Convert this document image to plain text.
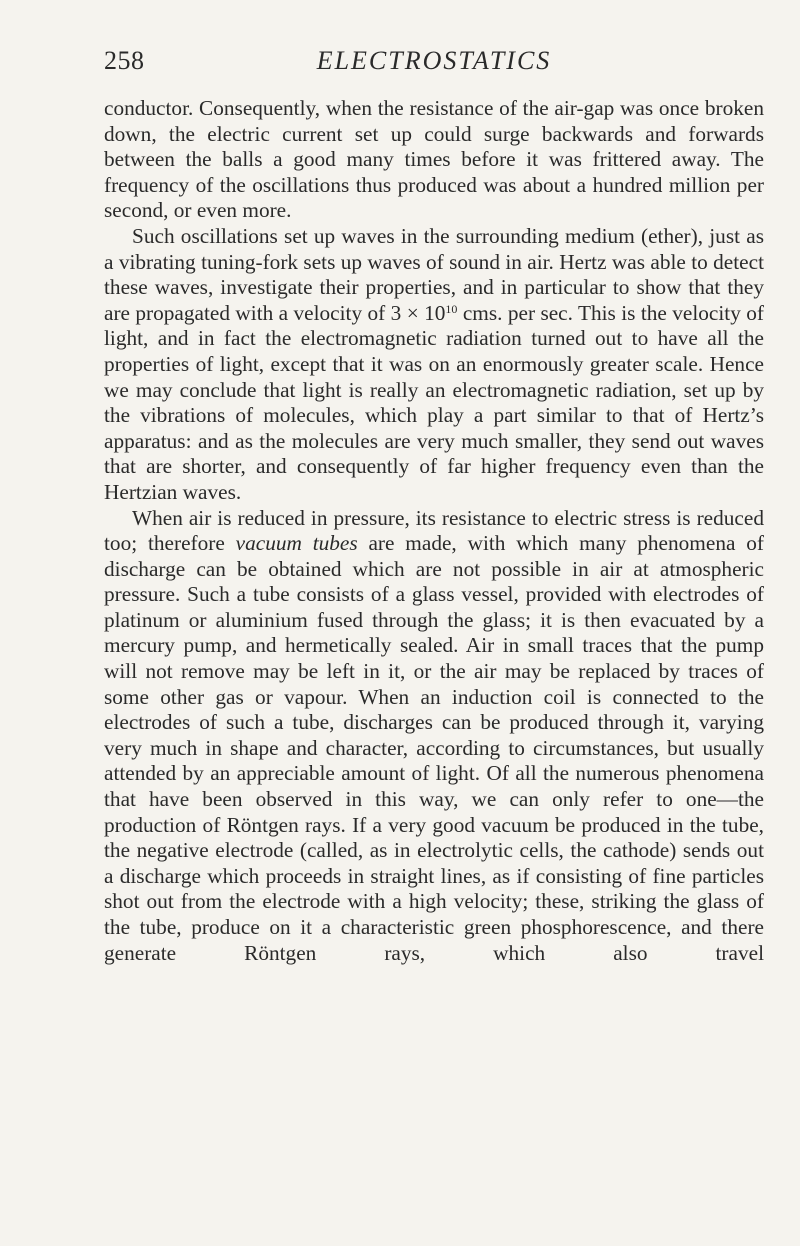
258	ELECTROSTATICS

conductor. Consequently, when the resistance of the air-gap was once broken down, the electric current set up could surge backwards and forwards between the balls a good many times before it was frittered away. The frequency of the oscillations thus produced was about a hundred million per second, or even more.

Such oscillations set up waves in the surrounding medium (ether), just as a vibrating tuning-fork sets up waves of sound in air. Hertz was able to detect these waves, investigate their properties, and in particular to show that they are propagated with a velocity of $3 \times 10^{10}$ cms. per sec. This is the velocity of light, and in fact the electromagnetic radiation turned out to have all the properties of light, except that it was on an enormously greater scale. Hence we may conclude that light is really an electromagnetic radiation, set up by the vibrations of molecules, which play a part similar to that of Hertz’s apparatus: and as the molecules are very much smaller, they send out waves that are shorter, and consequently of far higher frequency even than the Hertzian waves.

When air is reduced in pressure, its resistance to electric stress is reduced too; therefore vacuum tubes are made, with which many phenomena of discharge can be obtained which are not possible in air at atmospheric pressure. Such a tube consists of a glass vessel, provided with electrodes of platinum or aluminium fused through the glass; it is then evacuated by a mercury pump, and hermetically sealed. Air in small traces that the pump will not remove may be left in it, or the air may be replaced by traces of some other gas or vapour. When an induction coil is connected to the electrodes of such a tube, discharges can be produced through it, varying very much in shape and character, according to circumstances, but usually attended by an appreciable amount of light. Of all the numerous phenomena that have been observed in this way, we can only refer to one—the production of Röntgen rays. If a very good vacuum be produced in the tube, the negative electrode (called, as in electrolytic cells, the cathode) sends out a discharge which proceeds in straight lines, as if consisting of fine particles shot out from the electrode with a high velocity; these, striking the glass of the tube, produce on it a characteristic green phosphorescence, and there generate Röntgen rays, which also travel
